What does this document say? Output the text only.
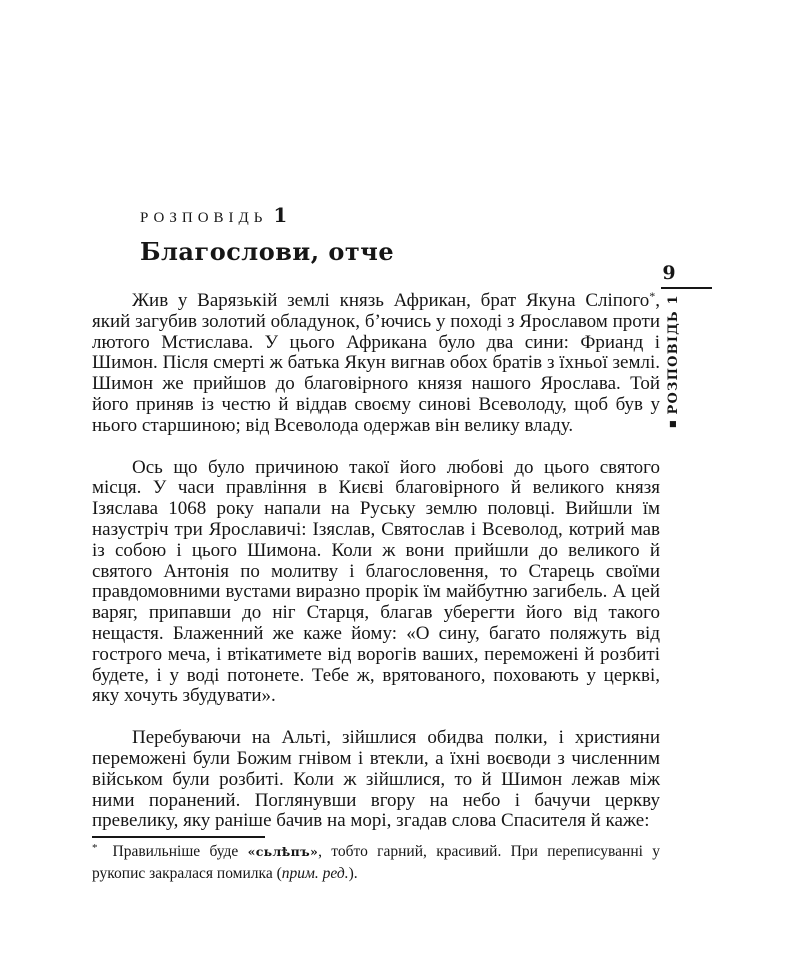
РОЗПОВІДЬ 1
Благослови, отче

Жив у Варязькій землі князь Африкан, брат Якуна Сліпого*, який загубив золотий обладунок, б’ючись у поході з Ярославом проти лютого Мстислава. У цього Африкана було два сини: Фрианд і Шимон. Після смерті ж батька Якун вигнав обох братів з їхньої землі. Шимон же прийшов до благовірного князя нашого Ярослава. Той його приняв із честю й віддав своєму синові Всеволоду, щоб був у нього старшиною; від Всеволода одержав він велику владу.

Ось що було причиною такої його любові до цього святого місця. У часи правління в Києві благовірного й великого князя Ізяслава 1068 року напали на Руську землю половці. Вийшли їм назустріч три Ярославичі: Ізяслав, Святослав і Всеволод, котрий мав із собою і цього Шимона. Коли ж вони прийшли до великого й святого Антонія по молитву і благословення, то Старець своїми правдомовними вустами виразно прорік їм майбутню загибель. А цей варяг, припавши до ніг Старця, благав уберегти його від такого нещастя. Блаженний же каже йому: «О сину, багато поляжуть від гострого меча, і втікатимете від ворогів ваших, переможені й розбиті будете, і у воді потонете. Тебе ж, врятованого, поховають у церкві, яку хочуть збудувати».

Перебуваючи на Альті, зійшлися обидва полки, і християни переможені були Божим гнівом і втекли, а їхні воєводи з численним військом були розбиті. Коли ж зійшлися, то й Шимон лежав між ними поранений. Поглянувши вгору на небо і бачучи церкву превелику, яку раніше бачив на морі, згадав слова Спасителя й каже:

* Правильніше буде «сьлѣпъ», тобто гарний, красивий. При переписуванні у рукопис закралася помилка (прим. ред.).

9
■РОЗПОВІДЬ 1
